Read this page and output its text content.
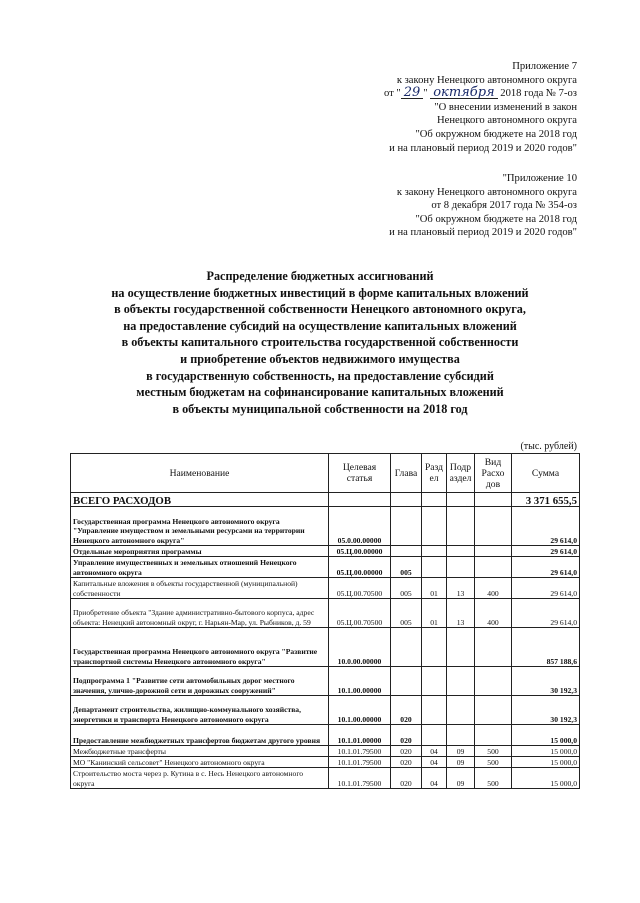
Приложение 7
к закону Ненецкого автономного округа
от " 29 " октября 2018 года № 7-оз
"О внесении изменений в закон
Ненецкого автономного округа
"Об окружном бюджете на 2018 год
и на плановый период 2019 и 2020 годов"
"Приложение 10
к закону Ненецкого автономного округа
от 8 декабря 2017 года № 354-оз
"Об окружном бюджете на 2018 год
и на плановый период 2019 и 2020 годов"
Распределение бюджетных ассигнований
на осуществление бюджетных инвестиций в форме капитальных вложений
в объекты государственной собственности Ненецкого автономного округа,
на предоставление субсидий на осуществление капитальных вложений
в объекты капитального строительства государственной собственности
и приобретение объектов недвижимого имущества
в государственную собственность, на предоставление субсидий
местным бюджетам на софинансирование капитальных вложений
в объекты муниципальной собственности на 2018 год
(тыс. рублей)
Наименование	Целевая статья	Глава	Разд ел	Подр аздел	Вид Расхо дов	Сумма
ВСЕГО РАСХОДОВ						3 371 655,5
Государственная программа Ненецкого автономного округа "Управление имуществом и земельными ресурсами на территории Ненецкого автономного округа"	05.0.00.00000					29 614,0
Отдельные мероприятия программы	05.Ц.00.00000					29 614,0
Управление имущественных и земельных отношений Ненецкого автономного округа	05.Ц.00.00000	005				29 614,0
Капитальные вложения в объекты государственной (муниципальной) собственности	05.Ц.00.70500	005	01	13	400	29 614,0
Приобретение объекта "Здание административно-бытового корпуса, адрес объекта: Ненецкий автономный округ, г. Нарьян-Мар, ул. Рыбников, д. 59	05.Ц.00.70500	005	01	13	400	29 614,0
Государственная программа Ненецкого автономного округа "Развитие транспортной системы Ненецкого автономного округа"	10.0.00.00000					857 188,6
Подпрограмма 1 "Развитие сети автомобильных дорог местного значения, улично-дорожной сети и дорожных сооружений"	10.1.00.00000					30 192,3
Департамент строительства, жилищно-коммунального хозяйства, энергетики и транспорта Ненецкого автономного округа	10.1.00.00000	020				30 192,3
Предоставление межбюджетных трансфертов бюджетам другого уровня	10.1.01.00000	020				15 000,0
Межбюджетные трансферты	10.1.01.79500	020	04	09	500	15 000,0
МО "Канинский сельсовет" Ненецкого автономного округа	10.1.01.79500	020	04	09	500	15 000,0
Строительство моста через р. Кутина в с. Несь Ненецкого автономного округа	10.1.01.79500	020	04	09	500	15 000,0
